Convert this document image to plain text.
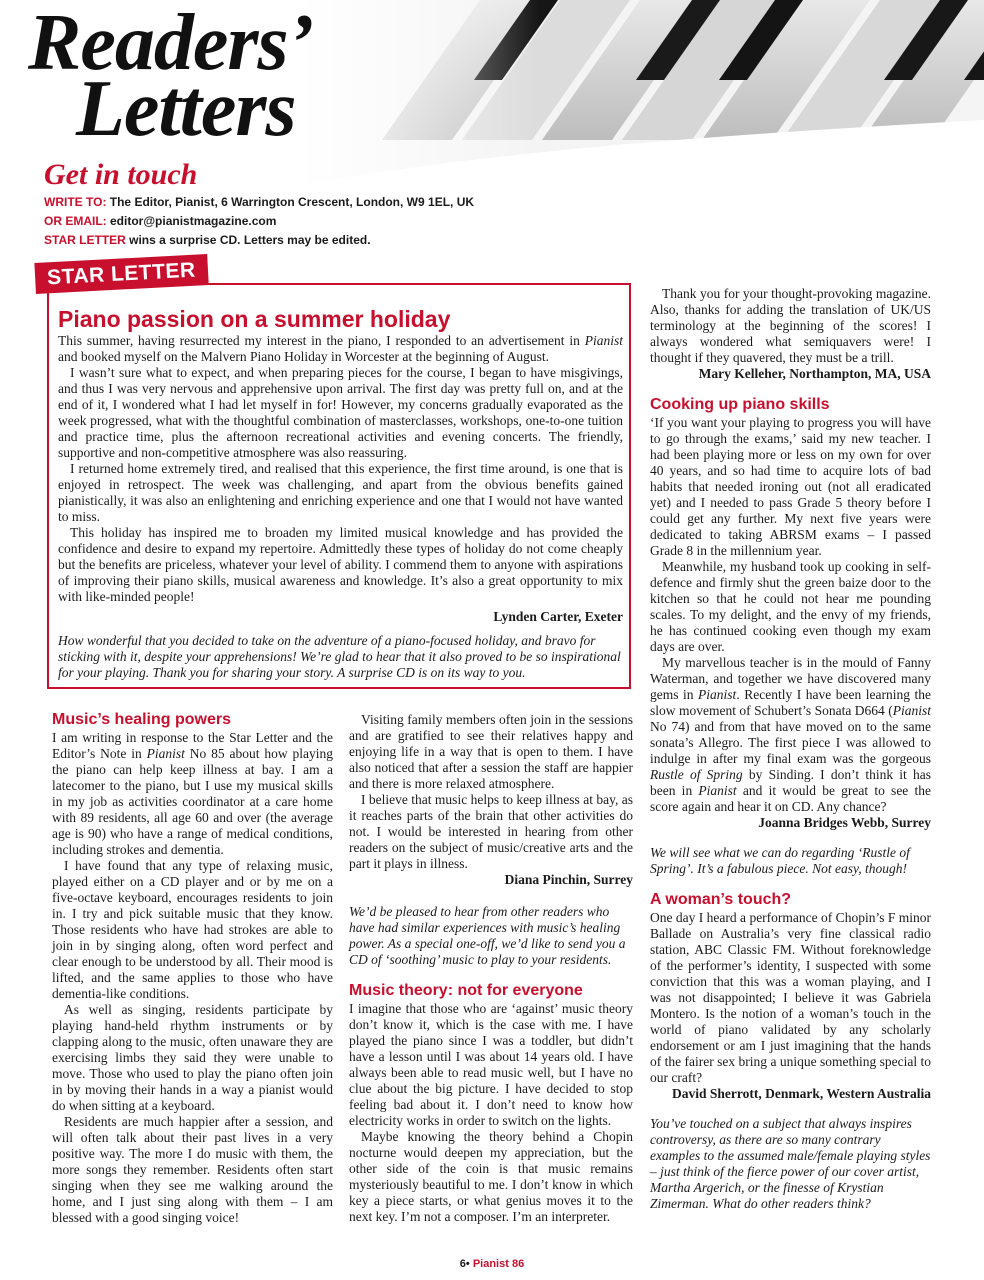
Readers’
Letters
Get in touch
WRITE TO: The Editor, Pianist, 6 Warrington Crescent, London, W9 1EL, UK
OR EMAIL: editor@pianistmagazine.com
STAR LETTER wins a surprise CD. Letters may be edited.
STAR LETTER
Piano passion on a summer holiday

This summer, having resurrected my interest in the piano, I responded to an advertisement in Pianist and booked myself on the Malvern Piano Holiday in Worcester at the beginning of August.

I wasn’t sure what to expect, and when preparing pieces for the course, I began to have misgivings, and thus I was very nervous and apprehensive upon arrival. The first day was pretty full on, and at the end of it, I wondered what I had let myself in for! However, my concerns gradually evaporated as the week progressed, what with the thoughtful combination of masterclasses, workshops, one-to-one tuition and practice time, plus the afternoon recreational activities and evening concerts. The friendly, supportive and non-competitive atmosphere was also reassuring.

I returned home extremely tired, and realised that this experience, the first time around, is one that is enjoyed in retrospect. The week was challenging, and apart from the obvious benefits gained pianistically, it was also an enlightening and enriching experience and one that I would not have wanted to miss.

This holiday has inspired me to broaden my limited musical knowledge and has provided the confidence and desire to expand my repertoire. Admittedly these types of holiday do not come cheaply but the benefits are priceless, whatever your level of ability. I commend them to anyone with aspirations of improving their piano skills, musical awareness and knowledge. It’s also a great opportunity to mix with like-minded people!

Lynden Carter, Exeter

How wonderful that you decided to take on the adventure of a piano-focused holiday, and bravo for sticking with it, despite your apprehensions! We’re glad to hear that it also proved to be so inspirational for your playing. Thank you for sharing your story. A surprise CD is on its way to you.

Music’s healing powers

I am writing in response to the Star Letter and the Editor’s Note in Pianist No 85 about how playing the piano can help keep illness at bay. I am a latecomer to the piano, but I use my musical skills in my job as activities coordinator at a care home with 89 residents, all age 60 and over (the average age is 90) who have a range of medical conditions, including strokes and dementia.

I have found that any type of relaxing music, played either on a CD player and or by me on a five-octave keyboard, encourages residents to join in. I try and pick suitable music that they know. Those residents who have had strokes are able to join in by singing along, often word perfect and clear enough to be understood by all. Their mood is lifted, and the same applies to those who have dementia-like conditions.

As well as singing, residents participate by playing hand-held rhythm instruments or by clapping along to the music, often unaware they are exercising limbs they said they were unable to move. Those who used to play the piano often join in by moving their hands in a way a pianist would do when sitting at a keyboard.

Residents are much happier after a session, and will often talk about their past lives in a very positive way. The more I do music with them, the more songs they remember. Residents often start singing when they see me walking around the home, and I just sing along with them – I am blessed with a good singing voice!

Visiting family members often join in the sessions and are gratified to see their relatives happy and enjoying life in a way that is open to them. I have also noticed that after a session the staff are happier and there is more relaxed atmosphere.

I believe that music helps to keep illness at bay, as it reaches parts of the brain that other activities do not. I would be interested in hearing from other readers on the subject of music/creative arts and the part it plays in illness.

Diana Pinchin, Surrey

We’d be pleased to hear from other readers who have had similar experiences with music’s healing power. As a special one-off, we’d like to send you a CD of ‘soothing’ music to play to your residents.

Music theory: not for everyone

I imagine that those who are ‘against’ music theory don’t know it, which is the case with me. I have played the piano since I was a toddler, but didn’t have a lesson until I was about 14 years old. I have always been able to read music well, but I have no clue about the big picture. I have decided to stop feeling bad about it. I don’t need to know how electricity works in order to switch on the lights.

Maybe knowing the theory behind a Chopin nocturne would deepen my appreciation, but the other side of the coin is that music remains mysteriously beautiful to me. I don’t know in which key a piece starts, or what genius moves it to the next key. I’m not a composer. I’m an interpreter.

Thank you for your thought-provoking magazine. Also, thanks for adding the translation of UK/US terminology at the beginning of the scores! I always wondered what semiquavers were! I thought if they quavered, they must be a trill.

Mary Kelleher, Northampton, MA, USA
Cooking up piano skills

‘If you want your playing to progress you will have to go through the exams,’ said my new teacher. I had been playing more or less on my own for over 40 years, and so had time to acquire lots of bad habits that needed ironing out (not all eradicated yet) and I needed to pass Grade 5 theory before I could get any further. My next five years were dedicated to taking ABRSM exams – I passed Grade 8 in the millennium year.

Meanwhile, my husband took up cooking in self-defence and firmly shut the green baize door to the kitchen so that he could not hear me pounding scales. To my delight, and the envy of my friends, he has continued cooking even though my exam days are over.

My marvellous teacher is in the mould of Fanny Waterman, and together we have discovered many gems in Pianist. Recently I have been learning the slow movement of Schubert’s Sonata D664 (Pianist No 74) and from that have moved on to the same sonata’s Allegro. The first piece I was allowed to indulge in after my final exam was the gorgeous Rustle of Spring by Sinding. I don’t think it has been in Pianist and it would be great to see the score again and hear it on CD. Any chance?

Joanna Bridges Webb, Surrey

We will see what we can do regarding ‘Rustle of Spring’. It’s a fabulous piece. Not easy, though!

A woman’s touch?

One day I heard a performance of Chopin’s F minor Ballade on Australia’s very fine classical radio station, ABC Classic FM. Without foreknowledge of the performer’s identity, I suspected with some conviction that this was a woman playing, and I was not disappointed; I believe it was Gabriela Montero. Is the notion of a woman’s touch in the world of piano validated by any scholarly endorsement or am I just imagining that the hands of the fairer sex bring a unique something special to our craft?

David Sherrott, Denmark, Western Australia

You’ve touched on a subject that always inspires controversy, as there are so many contrary examples to the assumed male/female playing styles – just think of the fierce power of our cover artist, Martha Argerich, or the finesse of Krystian Zimerman. What do other readers think?

6• Pianist 86
